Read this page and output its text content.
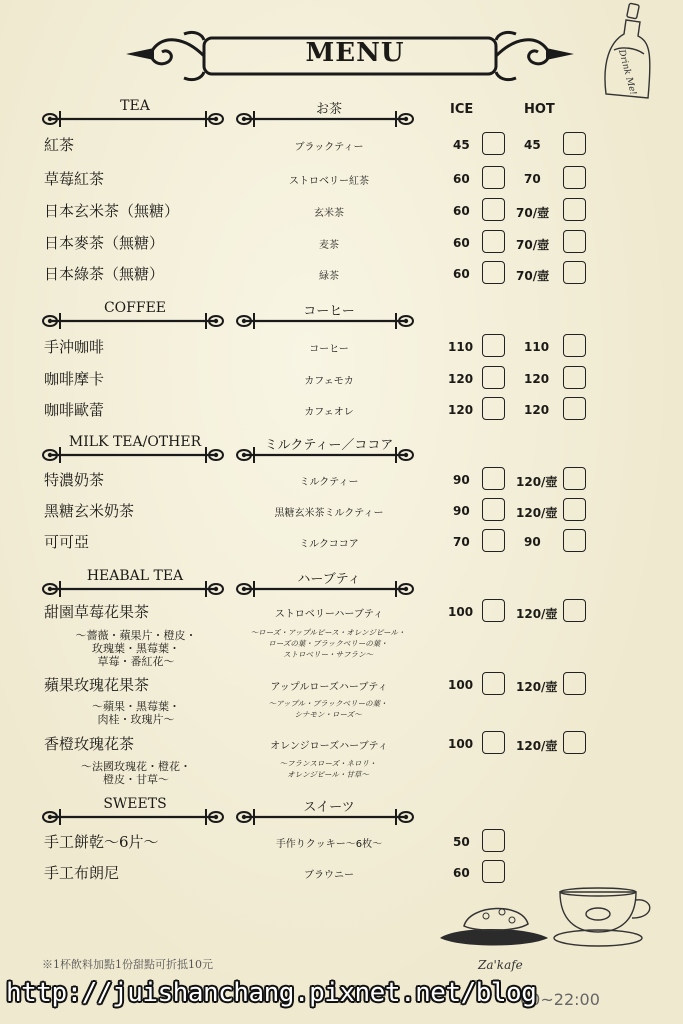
MENU	Drink Me!
ICE	HOT
TEA	お茶
紅茶	ブラックティー	45	45
草莓紅茶	ストロベリー紅茶	60	70
日本玄米茶（無糖）	玄米茶	60	70/壺
日本麥茶（無糖）	麦茶	60	70/壺
日本綠茶（無糖）	緑茶	60	70/壺
COFFEE	コーヒー
手沖咖啡	コーヒー	110	110
咖啡摩卡	カフェモカ	120	120
咖啡歐蕾	カフェオレ	120	120
MILK TEA/OTHER	ミルクティー／ココア
特濃奶茶	ミルクティー	90	120/壺
黑糖玄米奶茶	黒糖玄米茶ミルクティー	90	120/壺
可可亞	ミルクココア	70	90
HEABAL TEA	ハーブティ
甜園草莓花果茶	ストロベリーハーブティ	100	120/壺
～薔薇・蘋果片・橙皮・
玫瑰葉・黑莓葉・
草莓・番紅花～
～ローズ・アップルピース・オレンジピール・
ローズの葉・ブラックベリーの葉・
ストロベリー・サフラン～
蘋果玫瑰花果茶	アップルローズハーブティ	100	120/壺
～蘋果・黑莓葉・
肉桂・玫瑰片～
～アップル・ブラックベリーの葉・
シナモン・ローズ～
香橙玫瑰花茶	オレンジローズハーブティ	100	120/壺
～法國玫瑰花・橙花・
橙皮・甘草～
～フランスローズ・ネロリ・
オレンジピール・甘草～
SWEETS	スイーツ
手工餅乾～6片～	手作りクッキー～6枚～	50
手工布朗尼	ブラウニー	60
Za'kafe
※1杯飲料加點1份甜點可折抵10元
00~22:00
http://juishanchang.pixnet.net/blog
